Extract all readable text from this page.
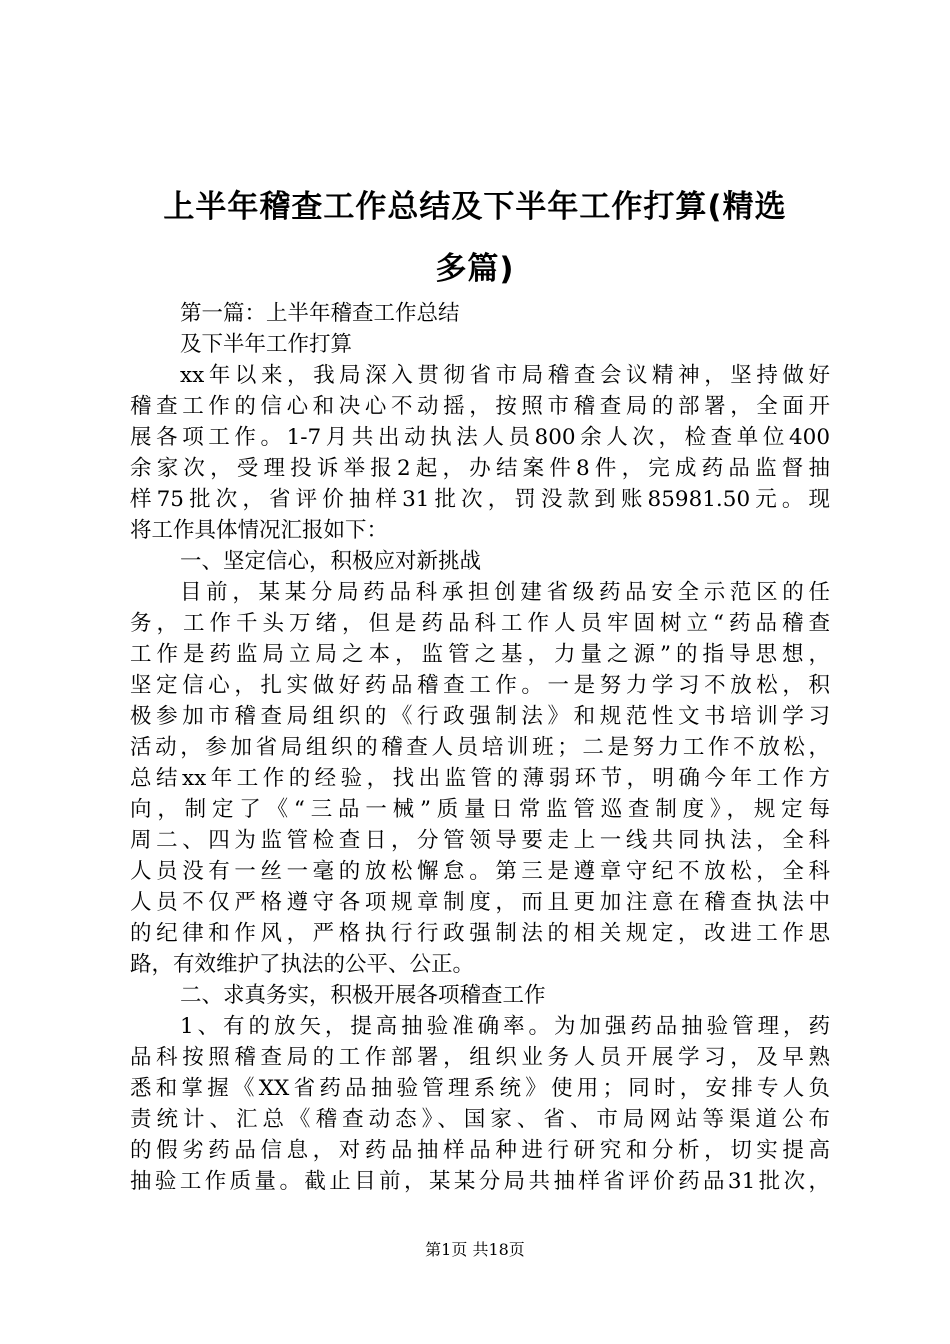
上半年稽查工作总结及下半年工作打算(精选
多篇)
第一篇：上半年稽查工作总结
及下半年工作打算
xx年以来，我局深入贯彻省市局稽查会议精神，坚持做好
稽查工作的信心和决心不动摇，按照市稽查局的部署，全面开
展各项工作。1-7月共出动执法人员800余人次，检查单位400
余家次，受理投诉举报2起，办结案件8件，完成药品监督抽
样75批次，省评价抽样31批次，罚没款到账85981.50元。现
将工作具体情况汇报如下：
一、坚定信心，积极应对新挑战
目前，某某分局药品科承担创建省级药品安全示范区的任
务，工作千头万绪，但是药品科工作人员牢固树立“药品稽查
工作是药监局立局之本，监管之基，力量之源”的指导思想，
坚定信心，扎实做好药品稽查工作。一是努力学习不放松，积
极参加市稽查局组织的《行政强制法》和规范性文书培训学习
活动，参加省局组织的稽查人员培训班；二是努力工作不放松，
总结xx年工作的经验，找出监管的薄弱环节，明确今年工作方
向，制定了《“三品一械”质量日常监管巡查制度》，规定每
周二、四为监管检查日，分管领导要走上一线共同执法，全科
人员没有一丝一毫的放松懈怠。第三是遵章守纪不放松，全科
人员不仅严格遵守各项规章制度，而且更加注意在稽查执法中
的纪律和作风，严格执行行政强制法的相关规定，改进工作思
路，有效维护了执法的公平、公正。
二、求真务实，积极开展各项稽查工作
1、有的放矢，提高抽验准确率。为加强药品抽验管理，药
品科按照稽查局的工作部署，组织业务人员开展学习，及早熟
悉和掌握《XX省药品抽验管理系统》使用；同时，安排专人负
责统计、汇总《稽查动态》、国家、省、市局网站等渠道公布
的假劣药品信息，对药品抽样品种进行研究和分析，切实提高
抽验工作质量。截止目前，某某分局共抽样省评价药品31批次，
第1页 共18页
